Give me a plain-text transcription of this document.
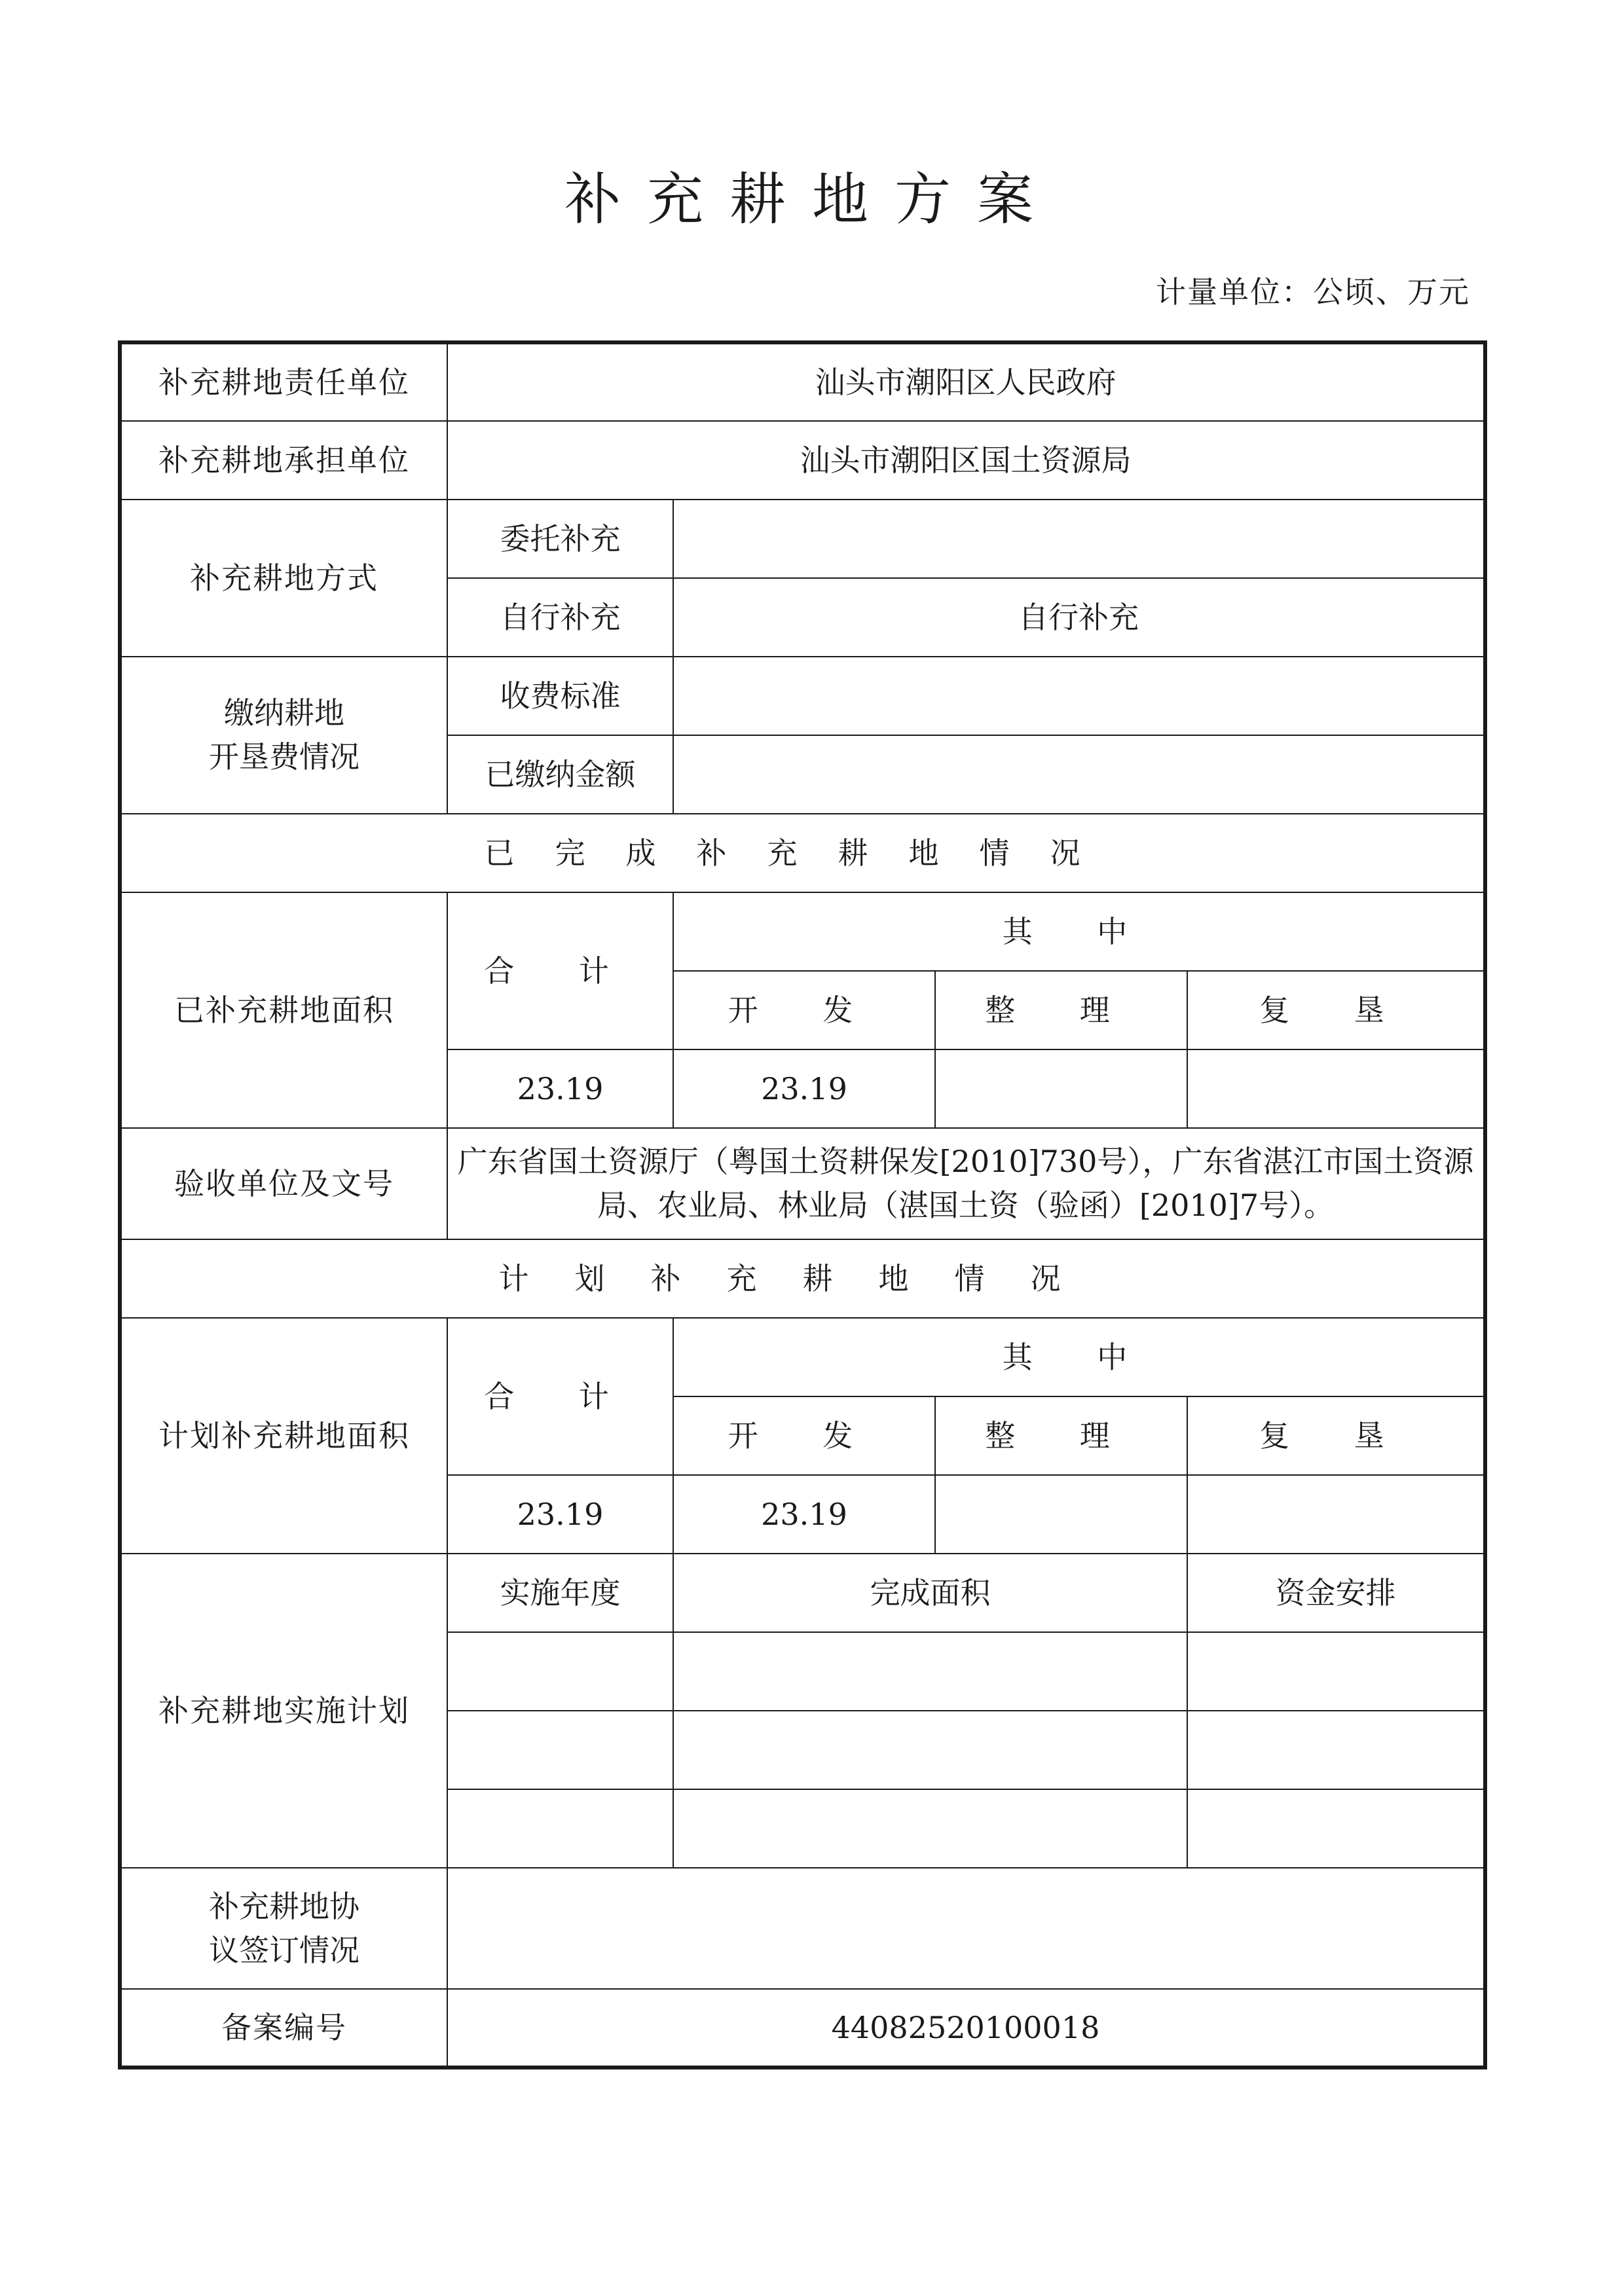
补充耕地方案
计量单位：公顷、万元
补充耕地责任单位	汕头市潮阳区人民政府			
补充耕地承担单位	汕头市潮阳区国土资源局			
补充耕地方式	委托补充			
	自行补充	自行补充		

缴纳耕地
开垦费情况	收费标准			
	已缴纳金额			
已完成补充耕地情况				
已补充耕地面积	合 计	其 中		
		开 发	整 理	复 垦
	23.19	23.19		
验收单位及文号	广东省国土资源厅（粤国土资耕保发[2010]730号），广东省湛江市国土资源局、农业局、林业局（湛国土资（验函）[2010]7号）。			
计划补充耕地情况				
计划补充耕地面积	合 计	其 中		
		开 发	整 理	复 垦
	23.19	23.19		
补充耕地实施计划	实施年度	完成面积		资金安排

补充耕地协
议签订情况				

备案编号	44082520100018			
